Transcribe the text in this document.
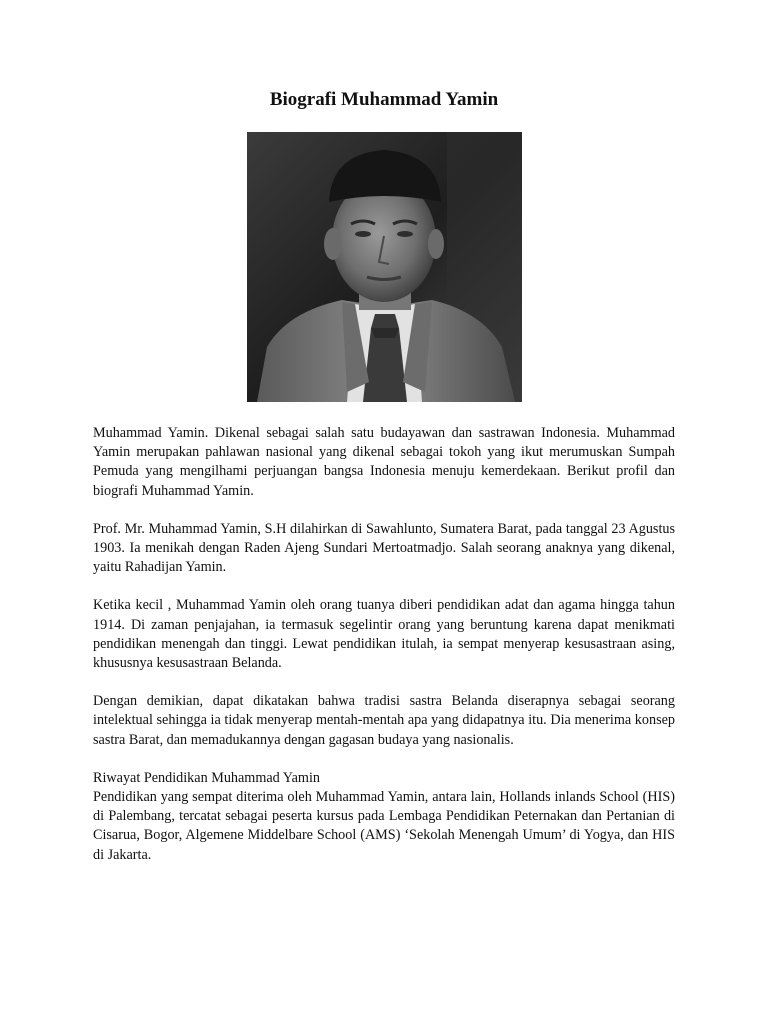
Biografi Muhammad Yamin

Muhammad Yamin. Dikenal sebagai salah satu budayawan dan sastrawan Indonesia. Muhammad Yamin merupakan pahlawan nasional yang dikenal sebagai tokoh yang ikut merumuskan Sumpah Pemuda yang mengilhami perjuangan bangsa Indonesia menuju kemerdekaan. Berikut profil dan biografi Muhammad Yamin.

Prof. Mr. Muhammad Yamin, S.H dilahirkan di Sawahlunto, Sumatera Barat, pada tanggal 23 Agustus 1903. Ia menikah dengan Raden Ajeng Sundari Mertoatmadjo. Salah seorang anaknya yang dikenal, yaitu Rahadijan Yamin.

Ketika kecil , Muhammad Yamin oleh orang tuanya diberi pendidikan adat dan agama hingga tahun 1914. Di zaman penjajahan, ia termasuk segelintir orang yang beruntung karena dapat menikmati pendidikan menengah dan tinggi. Lewat pendidikan itulah, ia sempat menyerap kesusastraan asing, khususnya kesusastraan Belanda.

Dengan demikian, dapat dikatakan bahwa tradisi sastra Belanda diserapnya sebagai seorang intelektual sehingga ia tidak menyerap mentah-mentah apa yang didapatnya itu. Dia menerima konsep sastra Barat, dan memadukannya dengan gagasan budaya yang nasionalis.

Riwayat Pendidikan Muhammad Yamin

Pendidikan yang sempat diterima oleh Muhammad Yamin, antara lain, Hollands inlands School (HIS) di Palembang, tercatat sebagai peserta kursus pada Lembaga Pendidikan Peternakan dan Pertanian di Cisarua, Bogor, Algemene Middelbare School (AMS) ‘Sekolah Menengah Umum’ di Yogya, dan HIS di Jakarta.
